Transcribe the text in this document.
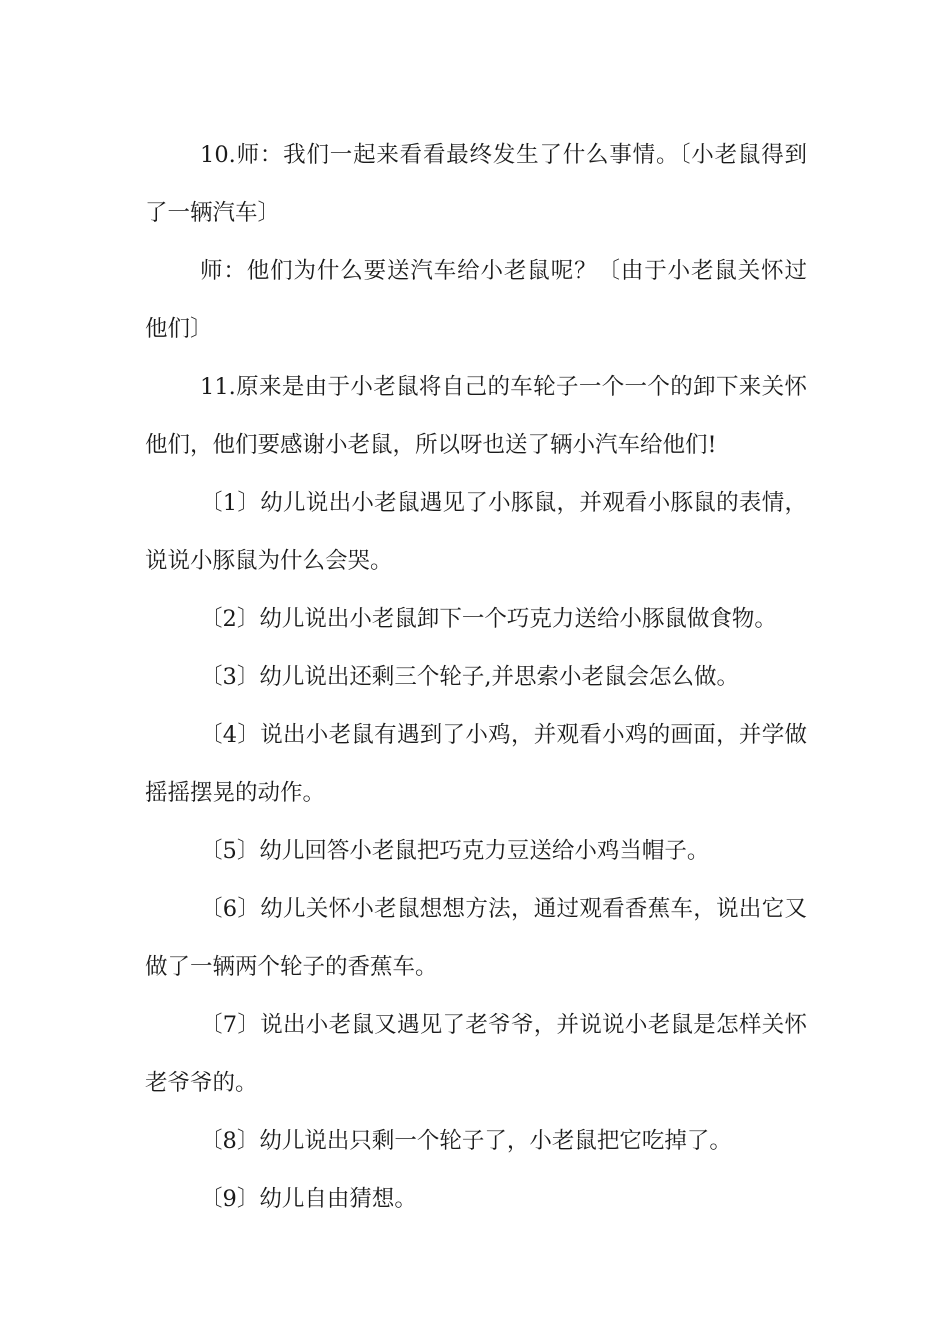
10.师：我们一起来看看最终发生了什么事情。〔小老鼠得到了一辆汽车〕

师：他们为什么要送汽车给小老鼠呢？〔由于小老鼠关怀过他们〕

11.原来是由于小老鼠将自己的车轮子一个一个的卸下来关怀他们，他们要感谢小老鼠，所以呀也送了辆小汽车给他们!

〔1〕幼儿说出小老鼠遇见了小豚鼠，并观看小豚鼠的表情，说说小豚鼠为什么会哭。

〔2〕幼儿说出小老鼠卸下一个巧克力送给小豚鼠做食物。

〔3〕幼儿说出还剩三个轮子,并思索小老鼠会怎么做。

〔4〕说出小老鼠有遇到了小鸡，并观看小鸡的画面，并学做摇摇摆晃的动作。

〔5〕幼儿回答小老鼠把巧克力豆送给小鸡当帽子。

〔6〕幼儿关怀小老鼠想想方法，通过观看香蕉车，说出它又做了一辆两个轮子的香蕉车。

〔7〕说出小老鼠又遇见了老爷爷，并说说小老鼠是怎样关怀老爷爷的。

〔8〕幼儿说出只剩一个轮子了，小老鼠把它吃掉了。

〔9〕幼儿自由猜想。
